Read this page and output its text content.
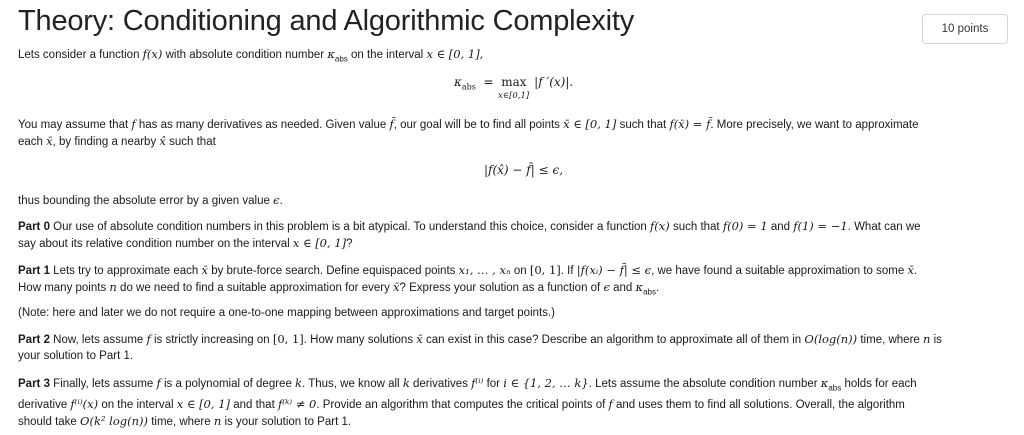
Theory: Conditioning and Algorithmic Complexity	10 points

Lets consider a function f(x) with absolute condition number $\kappa_{abs}$ on the interval x ∈ [0, 1],

$\kappa_{abs} = \max |f$ ′(x)|.
x∈[0,1]

You may assume that f has as many derivatives as needed. Given value f̄, our goal will be to find all points x̄ ∈ [0, 1] such that f(x̄) = f̄. More precisely, we want to approximate
each x̄, by finding a nearby x̂ such that

|f(x̂) − f̄| ≤ ϵ,

thus bounding the absolute error by a given value ϵ.

Part 0 Our use of absolute condition numbers in this problem is a bit atypical. To understand this choice, consider a function f(x) such that f(0) = 1 and f(1) = −1. What can we
say about its relative condition number on the interval x ∈ [0, 1]?

Part 1 Lets try to approximate each x̄ by brute-force search. Define equispaced points x₁, … , xₙ on [0, 1]. If |f(xᵢ) − f̄| ≤ ϵ, we have found a suitable approximation to some x̄.
How many points n do we need to find a suitable approximation for every x̄? Express your solution as a function of ϵ and $\kappa_{abs}$.

(Note: here and later we do not require a one-to-one mapping between approximations and target points.)

Part 2 Now, lets assume f is strictly increasing on [0, 1]. How many solutions x̄ can exist in this case? Describe an algorithm to approximate all of them in O(log(n)) time, where n is
your solution to Part 1.

Part 3 Finally, lets assume f is a polynomial of degree k. Thus, we know all k derivatives f⁽ⁱ⁾ for i ∈ {1, 2, … k}. Lets assume the absolute condition number $\kappa_{abs}$ holds for each
derivative f⁽ⁱ⁾(x) on the interval x ∈ [0, 1] and that f⁽ᵏ⁾ ≠ 0. Provide an algorithm that computes the critical points of f and uses them to find all solutions. Overall, the algorithm
should take O(k² log(n)) time, where n is your solution to Part 1.
